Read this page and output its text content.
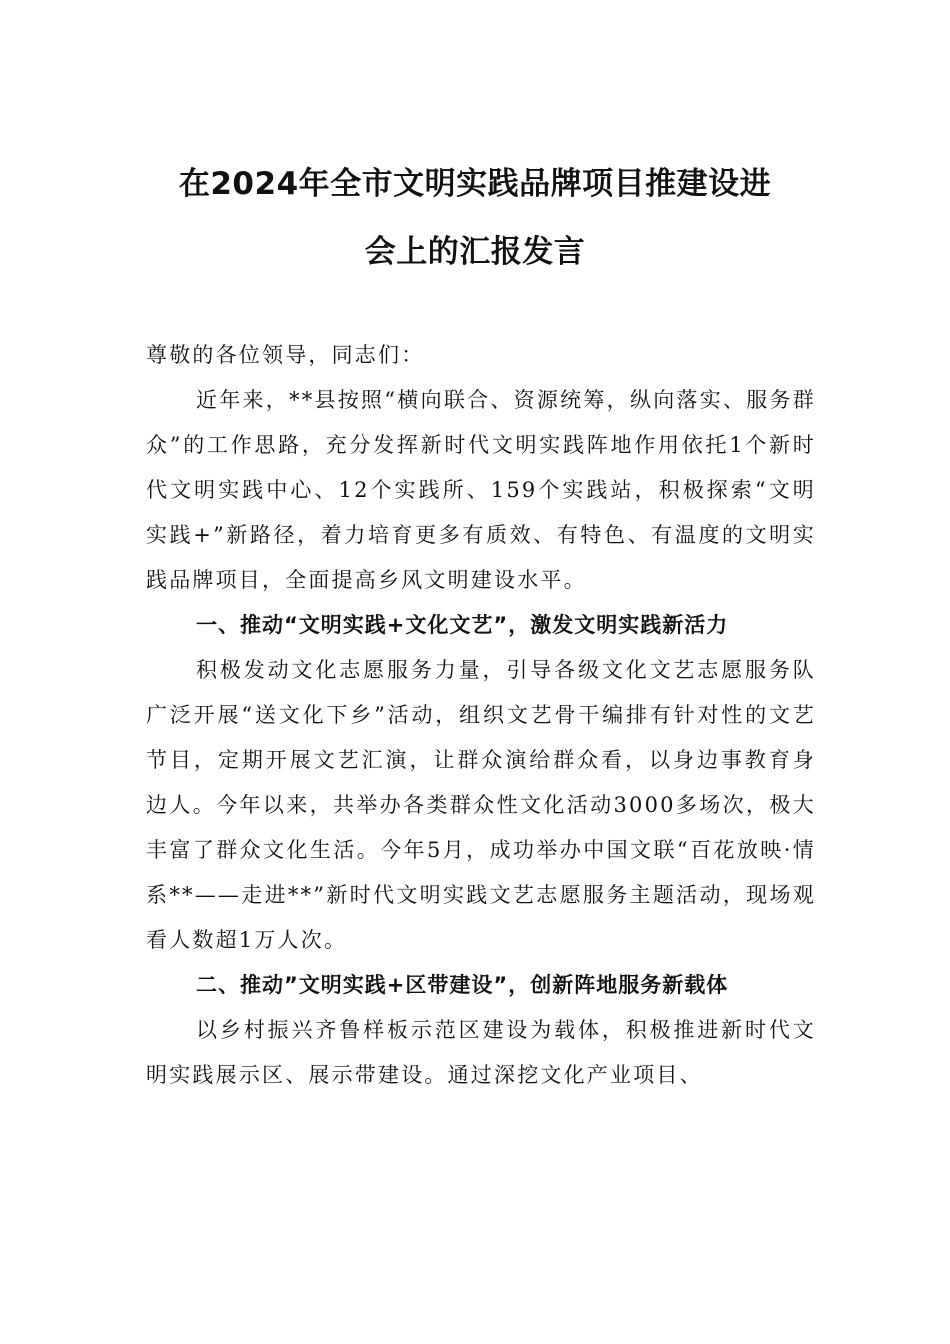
在2024年全市文明实践品牌项目推建设进
会上的汇报发言

尊敬的各位领导，同志们：

近年来，**县按照“横向联合、资源统筹，纵向落实、服务群众”的工作思路，充分发挥新时代文明实践阵地作用依托1个新时代文明实践中心、12个实践所、159个实践站，积极探索“文明实践+”新路径，着力培育更多有质效、有特色、有温度的文明实践品牌项目，全面提高乡风文明建设水平。

一、推动“文明实践+文化文艺”，激发文明实践新活力

积极发动文化志愿服务力量，引导各级文化文艺志愿服务队广泛开展“送文化下乡”活动，组织文艺骨干编排有针对性的文艺节目，定期开展文艺汇演，让群众演给群众看，以身边事教育身边人。今年以来，共举办各类群众性文化活动3000多场次，极大丰富了群众文化生活。今年5月，成功举办中国文联“百花放映·情系**——走进**”新时代文明实践文艺志愿服务主题活动，现场观看人数超1万人次。

二、推动”文明实践+区带建设”，创新阵地服务新载体

以乡村振兴齐鲁样板示范区建设为载体，积极推进新时代文明实践展示区、展示带建设。通过深挖文化产业项目、
